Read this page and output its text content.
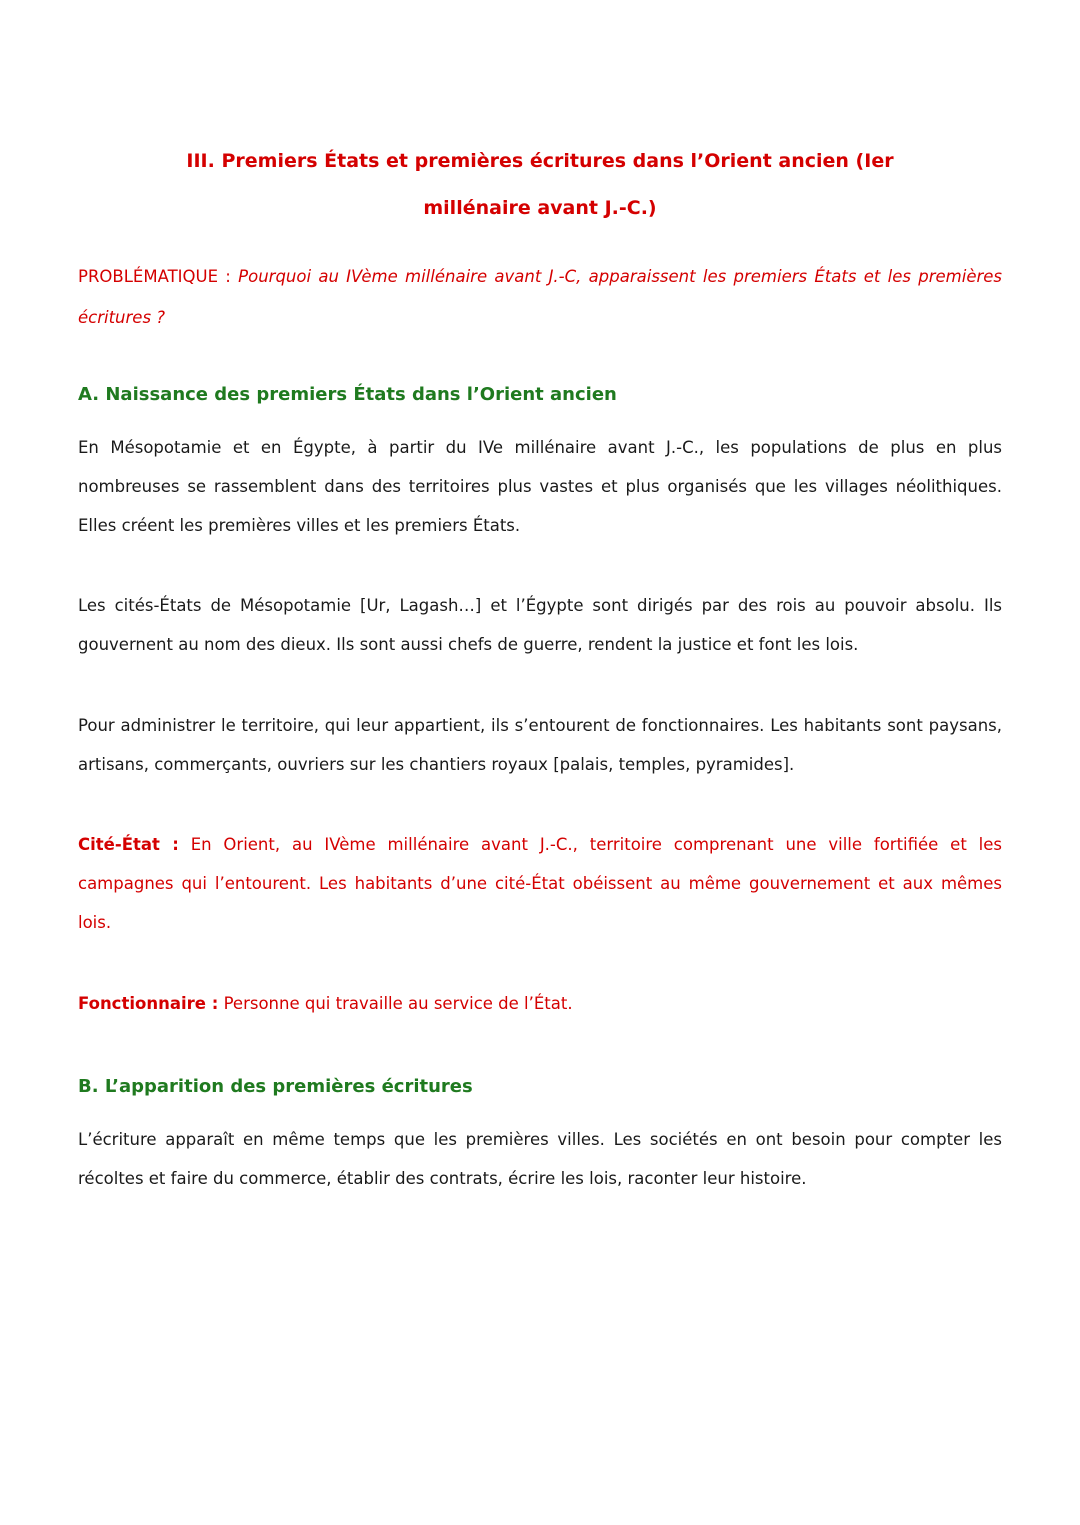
III. Premiers États et premières écritures dans l’Orient ancien (Ier
millénaire avant J.-C.)

PROBLÉMATIQUE : Pourquoi au IVème millénaire avant J.-C, apparaissent les premiers États et les premières écritures ?

A. Naissance des premiers États dans l’Orient ancien

En Mésopotamie et en Égypte, à partir du IVe millénaire avant J.-C., les populations de plus en plus nombreuses se rassemblent dans des territoires plus vastes et plus organisés que les villages néolithiques. Elles créent les premières villes et les premiers États.

Les cités-États de Mésopotamie [Ur, Lagash…] et l’Égypte sont dirigés par des rois au pouvoir absolu. Ils gouvernent au nom des dieux. Ils sont aussi chefs de guerre, rendent la justice et font les lois.

Pour administrer le territoire, qui leur appartient, ils s’entourent de fonctionnaires. Les habitants sont paysans, artisans, commerçants, ouvriers sur les chantiers royaux [palais, temples, pyramides].

Cité-État : En Orient, au IVème millénaire avant J.-C., territoire comprenant une ville fortifiée et les campagnes qui l’entourent. Les habitants d’une cité-État obéissent au même gouvernement et aux mêmes lois.

Fonctionnaire : Personne qui travaille au service de l’État.

B. L’apparition des premières écritures

L’écriture apparaît en même temps que les premières villes. Les sociétés en ont besoin pour compter les récoltes et faire du commerce, établir des contrats, écrire les lois, raconter leur histoire.
